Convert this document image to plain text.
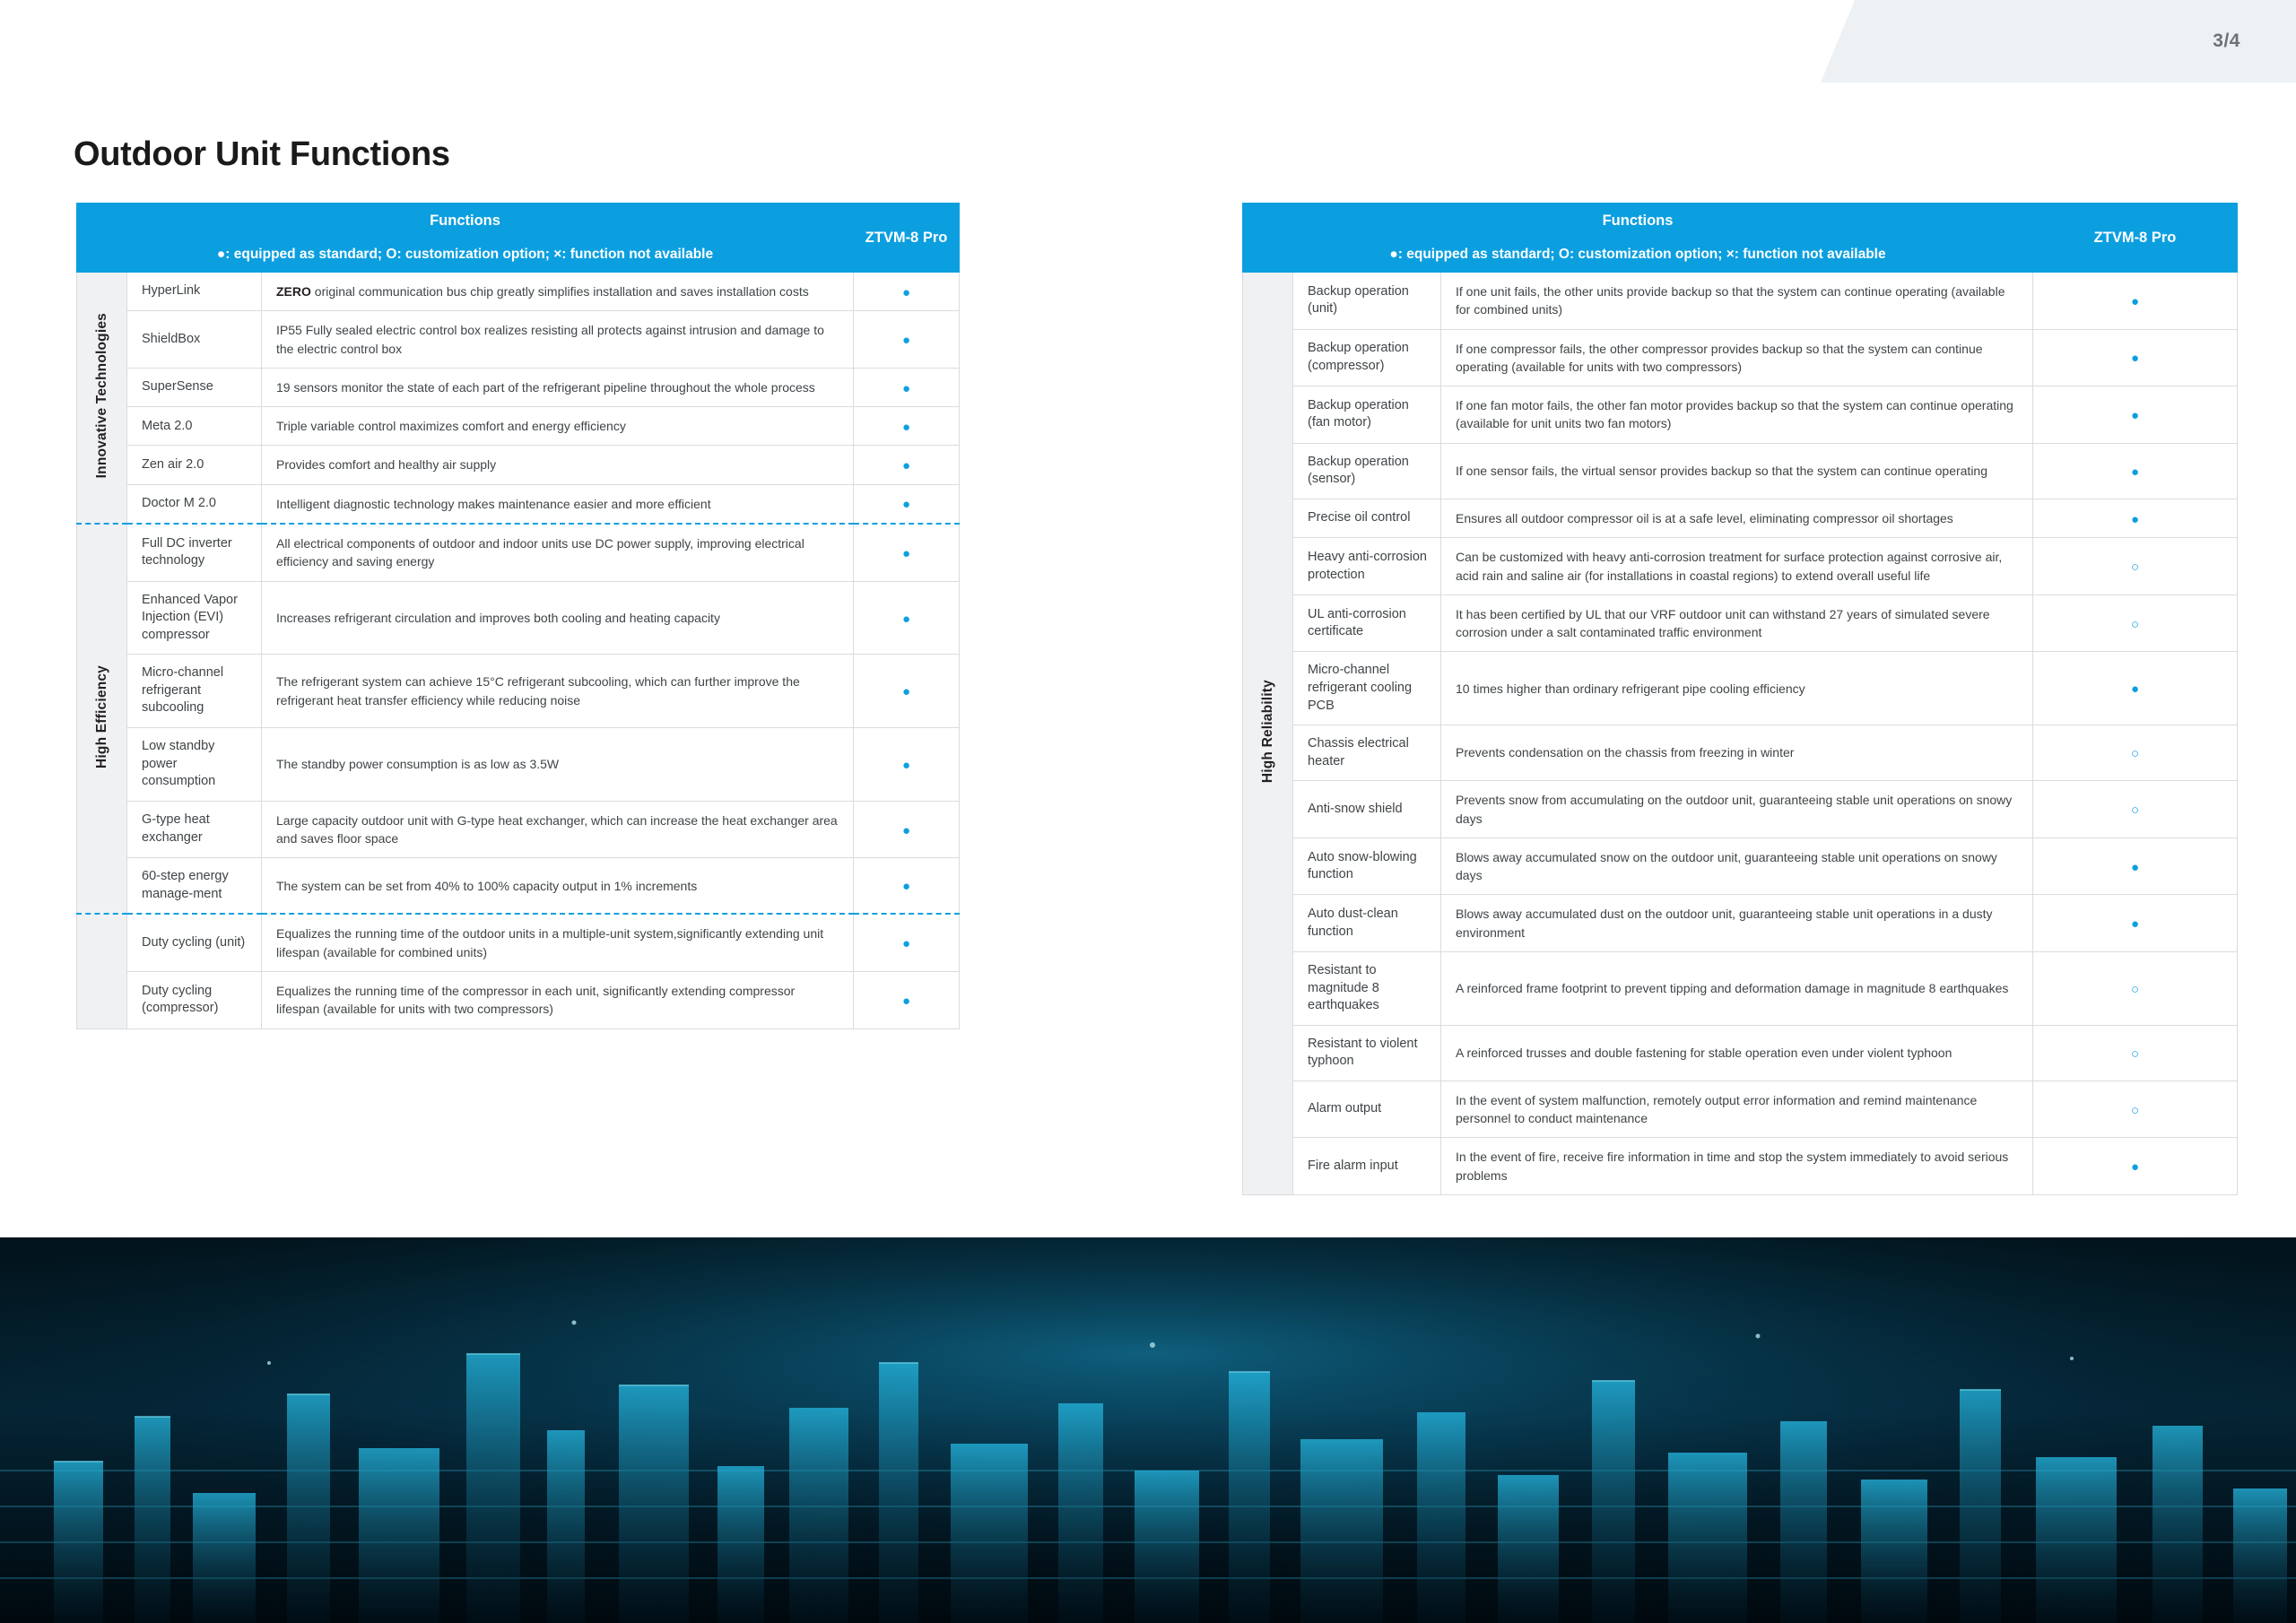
3/4
Outdoor Unit Functions
Functions			ZTVM-8 Pro
●: equipped as standard; O: customization option; ×: function not available			
Innovative Technologies	HyperLink	ZERO original communication bus chip greatly simplifies installation and saves installation costs	●
	ShieldBox	IP55 Fully sealed electric control box realizes resisting all protects against intrusion and damage to the electric control box	●
	SuperSense	19 sensors monitor the state of each part of the refrigerant pipeline throughout the whole process	●
	Meta 2.0	Triple variable control maximizes comfort and energy efficiency	●
	Zen air 2.0	Provides comfort and healthy air supply	●
	Doctor M 2.0	Intelligent diagnostic technology makes maintenance easier and more efficient	●
High Efficiency	Full DC inverter technology	All electrical components of outdoor and indoor units use DC power supply, improving electrical efficiency and saving energy	●
	Enhanced Vapor Injection (EVI) compressor	Increases refrigerant circulation and improves both cooling and heating capacity	●
	Micro-channel refrigerant subcooling	The refrigerant system can achieve 15°C refrigerant subcooling, which can further improve the refrigerant heat transfer efficiency while reducing noise	●
	Low standby power consumption	The standby power consumption is as low as 3.5W	●
	G-type heat exchanger	Large capacity outdoor unit with G-type heat exchanger, which can increase the heat exchanger area and saves floor space	●
	60-step energy manage-ment	The system can be set from 40% to 100% capacity output in 1% increments	●
	Duty cycling (unit)	Equalizes the running time of the outdoor units in a multiple-unit system,significantly extending unit lifespan (available for combined units)	●
	Duty cycling (compressor)	Equalizes the running time of the compressor in each unit, significantly extending compressor lifespan (available for units with two compressors)	●
Functions			ZTVM-8 Pro
●: equipped as standard; O: customization option; ×: function not available			
High Reliability	Backup operation (unit)	If one unit fails, the other units provide backup so that the system can continue operating (available for combined units)	●
	Backup operation (compressor)	If one compressor fails, the other compressor provides backup so that the system can continue operating (available for units with two compressors)	●
	Backup operation (fan motor)	If one fan motor fails, the other fan motor provides backup so that the system can continue operating (available for unit units two fan motors)	●
	Backup operation (sensor)	If one sensor fails, the virtual sensor provides backup so that the system can continue operating	●
	Precise oil control	Ensures all outdoor compressor oil is at a safe level, eliminating compressor oil shortages	●
	Heavy anti-corrosion protection	Can be customized with heavy anti-corrosion treatment for surface protection against corrosive air, acid rain and saline air (for installations in coastal regions) to extend overall useful life	○
	UL anti-corrosion certificate	It has been certified by UL that our VRF outdoor unit can withstand 27 years of simulated severe corrosion under a salt contaminated traffic environment	○
	Micro-channel refrigerant cooling PCB	10 times higher than ordinary refrigerant pipe cooling efficiency	●
	Chassis electrical heater	Prevents condensation on the chassis from freezing in winter	○
	Anti-snow shield	Prevents snow from accumulating on the outdoor unit, guaranteeing stable unit operations on snowy days	○
	Auto snow-blowing function	Blows away accumulated snow on the outdoor unit, guaranteeing stable unit operations on snowy days	●
	Auto dust-clean function	Blows away accumulated dust on the outdoor unit, guaranteeing stable unit operations in a dusty environment	●
	Resistant to magnitude 8 earthquakes	A reinforced frame footprint to prevent tipping and deformation damage in magnitude 8 earthquakes	○
	Resistant to violent typhoon	A reinforced trusses and double fastening for stable operation even under violent typhoon	○
	Alarm output	In the event of system malfunction, remotely output error information and remind maintenance personnel to conduct maintenance	○
	Fire alarm input	In the event of fire, receive fire information in time and stop the system immediately to avoid serious problems	●
